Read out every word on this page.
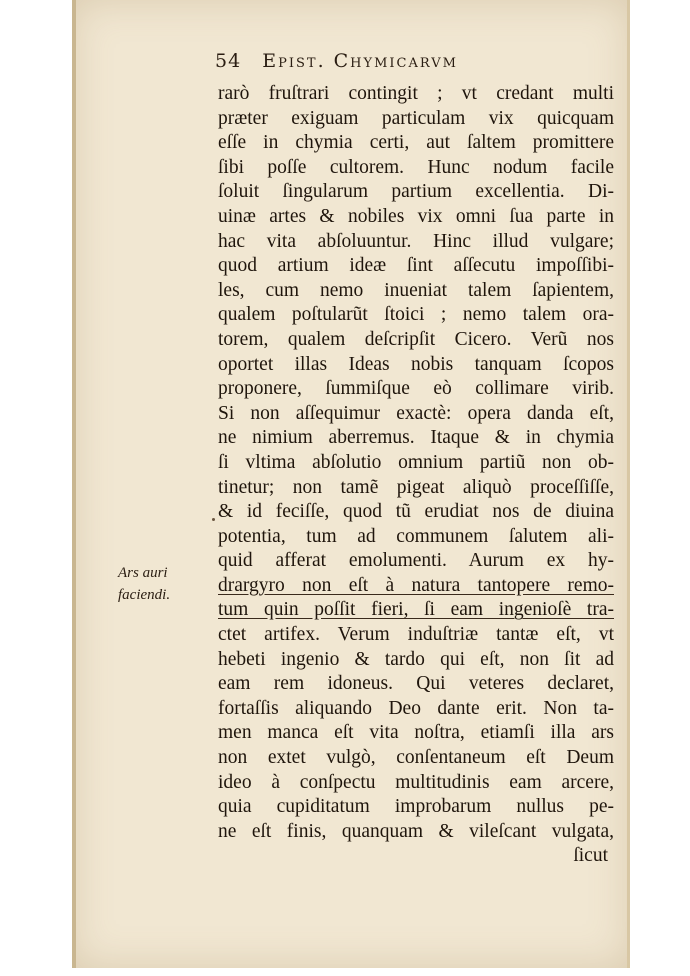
54 Epist. Chymicarvm
Ars auri
faciendi.
rarò fruſtrari contingit ; vt credant multi
præter exiguam particulam vix quicquam
eſſe in chymia certi, aut ſaltem promittere
ſibi poſſe cultorem. Hunc nodum facile
ſoluit ſingularum partium excellentia. Di-
uinæ artes & nobiles vix omni ſua parte in
hac vita abſoluuntur. Hinc illud vulgare;
quod artium ideæ ſint aſſecutu impoſſibi-
les, cum nemo inueniat talem ſapientem,
qualem poſtularũt ſtoici ; nemo talem ora-
torem, qualem deſcripſit Cicero. Verũ nos
oportet illas Ideas nobis tanquam ſcopos
proponere, ſummiſque eò collimare virib.
Si non aſſequimur exactè: opera danda eſt,
ne nimium aberremus. Itaque & in chymia
ſi vltima abſolutio omnium partiũ non ob-
tinetur; non tamẽ pigeat aliquò proceſſiſſe,
& id feciſſe, quod tũ erudiat nos de diuina
potentia, tum ad communem ſalutem ali-
quid afferat emolumenti. Aurum ex hy-
drargyro non eſt à natura tantopere remo-
tum quin poſſit fieri, ſi eam ingenioſè tra-
ctet artifex. Verum induſtriæ tantæ eſt, vt
hebeti ingenio & tardo qui eſt, non ſit ad
eam rem idoneus. Qui veteres declaret,
fortaſſis aliquando Deo dante erit. Non ta-
men manca eſt vita noſtra, etiamſi illa ars
non extet vulgò, conſentaneum eſt Deum
ideo à conſpectu multitudinis eam arcere,
quia cupiditatum improbarum nullus pe-
ne eſt finis, quanquam & vileſcant vulgata,
ſicut
